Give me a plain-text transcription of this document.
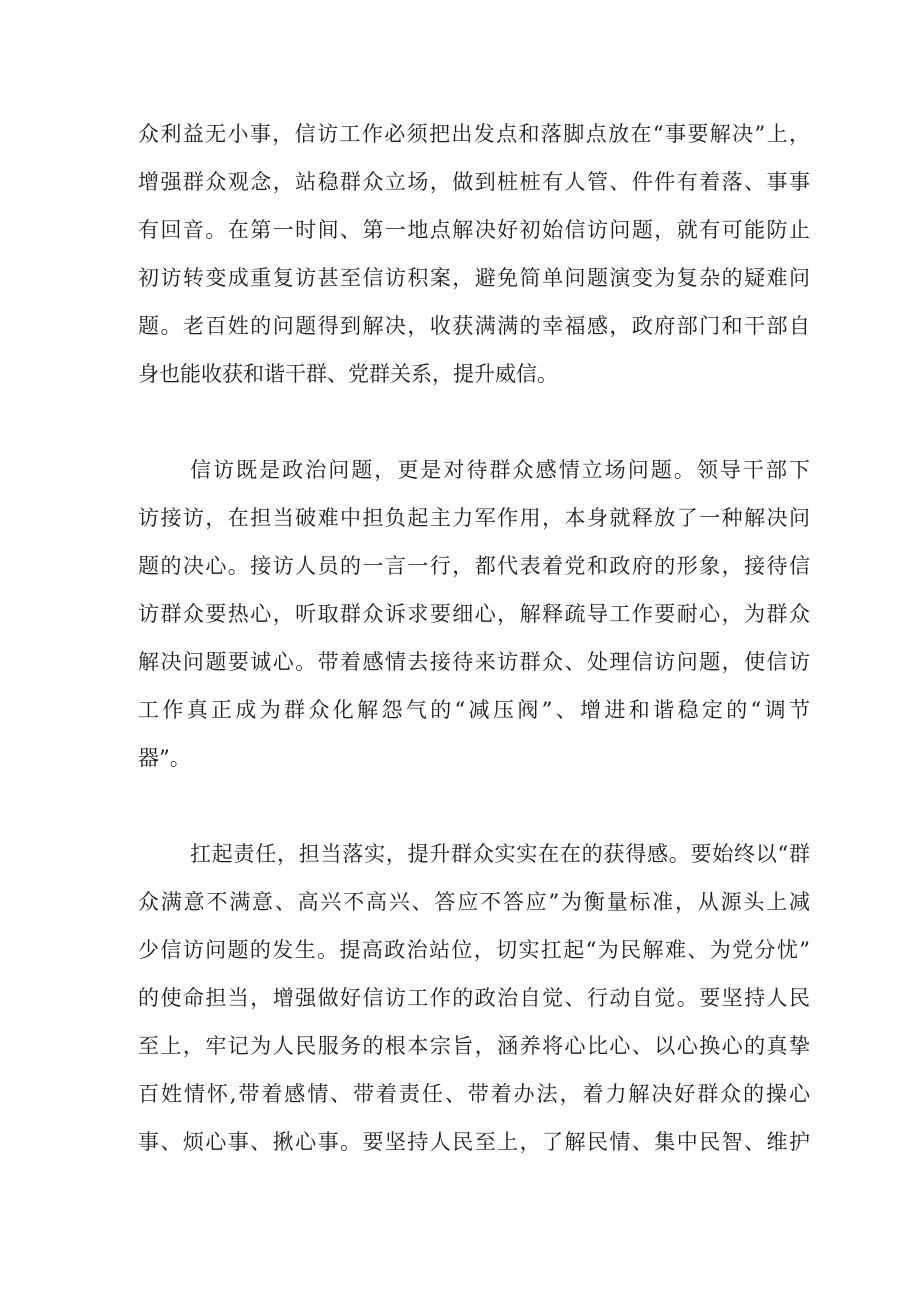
众利益无小事，信访工作必须把出发点和落脚点放在“事要解决”上，
增强群众观念，站稳群众立场，做到桩桩有人管、件件有着落、事事
有回音。在第一时间、第一地点解决好初始信访问题，就有可能防止
初访转变成重复访甚至信访积案，避免简单问题演变为复杂的疑难问
题。老百姓的问题得到解决，收获满满的幸福感，政府部门和干部自
身也能收获和谐干群、党群关系，提升威信。
信访既是政治问题，更是对待群众感情立场问题。领导干部下
访接访，在担当破难中担负起主力军作用，本身就释放了一种解决问
题的决心。接访人员的一言一行，都代表着党和政府的形象，接待信
访群众要热心，听取群众诉求要细心，解释疏导工作要耐心，为群众
解决问题要诚心。带着感情去接待来访群众、处理信访问题，使信访
工作真正成为群众化解怨气的“减压阀”、增进和谐稳定的“调节
器”。
扛起责任，担当落实，提升群众实实在在的获得感。要始终以“群
众满意不满意、高兴不高兴、答应不答应”为衡量标准，从源头上减
少信访问题的发生。提高政治站位，切实扛起“为民解难、为党分忧”
的使命担当，增强做好信访工作的政治自觉、行动自觉。要坚持人民
至上，牢记为人民服务的根本宗旨，涵养将心比心、以心换心的真挚
百姓情怀,带着感情、带着责任、带着办法，着力解决好群众的操心
事、烦心事、揪心事。要坚持人民至上，了解民情、集中民智、维护
